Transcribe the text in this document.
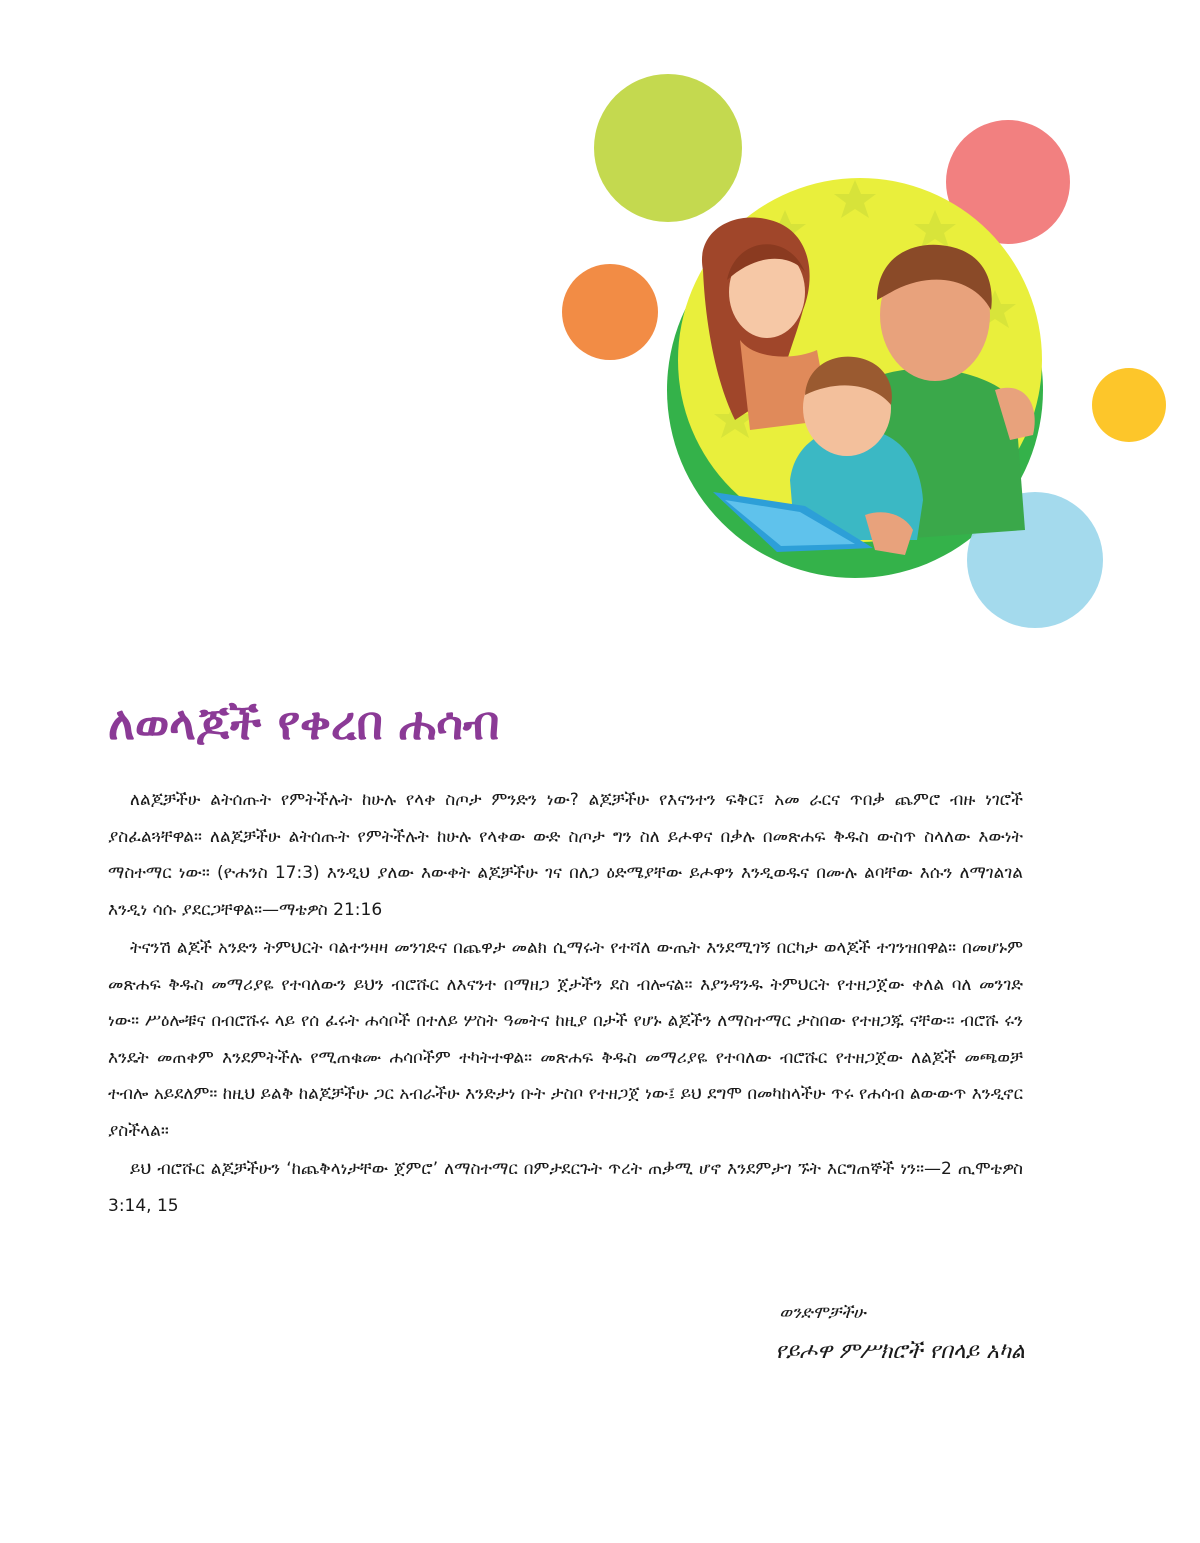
ለወላጆች የቀረበ ሐሳብ

ለልጆቻችሁ ልትሰጡት የምትችሉት ከሁሉ የላቀ ስጦታ ምንድን ነው? ልጆቻችሁ የእናንተን ፍቅር፣ አመ ራርና ጥበቃ ጨምሮ ብዙ ነገሮች ያስፈልጓቸዋል። ለልጆቻችሁ ልትሰጡት የምትችሉት ከሁሉ የላቀው ውድ ስጦታ ግን ስለ ይሖዋና በቃሉ በመጽሐፍ ቅዱስ ውስጥ ስላለው እውነት ማስተማር ነው። (ዮሐንስ 17:3) እንዲህ ያለው እውቀት ልጆቻችሁ ገና በለጋ ዕድሜያቸው ይሖዋን እንዲወዱና በሙሉ ልባቸው እሱን ለማገልገል እንዲነ ሳሱ ያደርጋቸዋል።—ማቴዎስ 21:16

ትናንሽ ልጆች አንድን ትምህርት ባልተንዛዛ መንገድና በጨዋታ መልክ ሲማሩት የተሻለ ውጤት እንደሚገኝ በርካታ ወላጆች ተገንዝበዋል። በመሆኑም መጽሐፍ ቅዱስ መማሪያዬ የተባለውን ይህን ብሮሹር ለእናንተ በማዘጋ ጀታችን ደስ ብሎናል። እያንዳንዱ ትምህርት የተዘጋጀው ቀለል ባለ መንገድ ነው። ሥዕሎቹና በብሮሹሩ ላይ የሰ ፈሩት ሐሳቦች በተለይ ሦስት ዓመትና ከዚያ በታች የሆኑ ልጆችን ለማስተማር ታስበው የተዘጋጁ ናቸው። ብሮሹ ሩን እንዴት መጠቀም እንደምትችሉ የሚጠቁሙ ሐሳቦችም ተካትተዋል። መጽሐፍ ቅዱስ መማሪያዬ የተባለው ብሮሹር የተዘጋጀው ለልጆች መጫወቻ ተብሎ አይደለም። ከዚህ ይልቅ ከልጆቻችሁ ጋር አብራችሁ እንድታነ ቡት ታስቦ የተዘጋጀ ነው፤ ይህ ደግሞ በመካከላችሁ ጥሩ የሐሳብ ልውውጥ እንዲኖር ያስችላል።

ይህ ብሮሹር ልጆቻችሁን ‘ከጨቅላነታቸው ጀምሮ’ ለማስተማር በምታደርጉት ጥረት ጠቃሚ ሆኖ እንደምታገ ኙት እርግጠኞች ነን።—2 ጢሞቴዎስ 3:14, 15

ወንድሞቻችሁ
የይሖዋ ምሥክሮች የበላይ አካል
